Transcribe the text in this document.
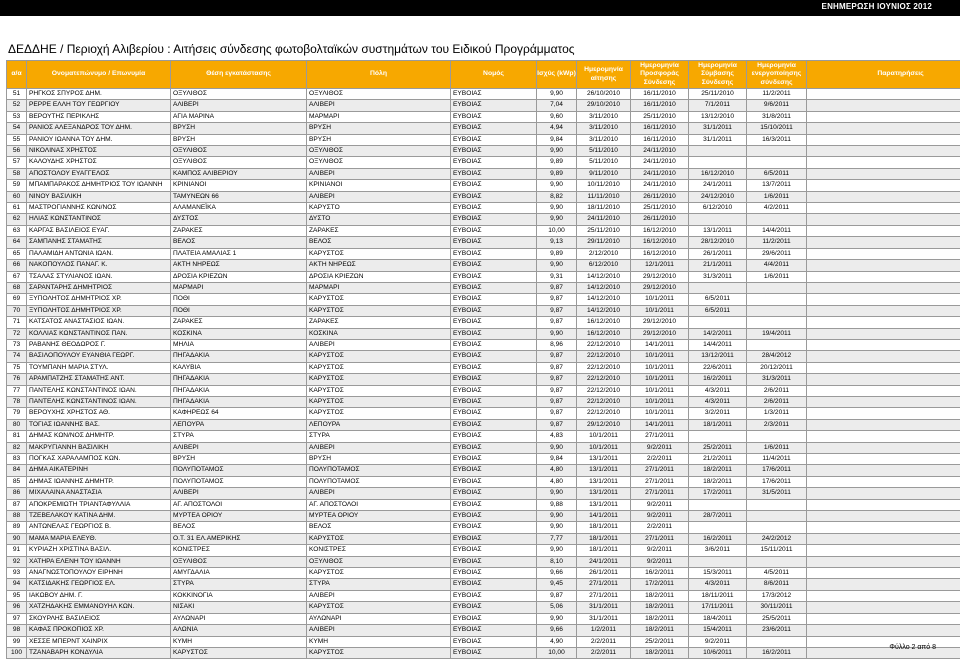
ΕΝΗΜΕΡΩΣΗ ΙΟΥΝΙΟΣ 2012
ΔΕΔΔΗΕ / Περιοχή Αλιβερίου : Αιτήσεις σύνδεσης φωτοβολταϊκών συστημάτων του Ειδικού Προγράμματος
α/α	Ονοματεπώνυμο / Επωνυμία	Θέση εγκατάστασης	Πόλη	Νομός	Ισχύς (kWp)	Ημερομηνία αίτησης	Ημερομηνία Προσφοράς Σύνδεσης	Ημερομηνία Σύμβασης Σύνδεσης	Ημερομηνία ενεργοποίησης σύνδεσης	Παρατηρήσεις
51	ΡΗΓΚΟΣ ΣΠΥΡΟΣ ΔΗΜ.	ΟΞΥΛΙΘΟΣ	ΟΞΥΛΙΘΟΣ	ΕΥΒΟΙΑΣ	9,90	26/10/2010	16/11/2010	25/11/2010	11/2/2011	
52	ΡΕΡΡΕ ΕΛΛΗ ΤΟΥ ΓΕΩΡΓΙΟΥ	ΑΛΙΒΕΡΙ	ΑΛΙΒΕΡΙ	ΕΥΒΟΙΑΣ	7,04	29/10/2010	16/11/2010	7/1/2011	9/6/2011	
53	ΒΕΡΟΥΤΗΣ ΠΕΡΙΚΛΗΣ	ΑΓΙΑ ΜΑΡΙΝΑ	ΜΑΡΜΑΡΙ	ΕΥΒΟΙΑΣ	9,60	3/11/2010	25/11/2010	13/12/2010	31/8/2011	
54	ΡΑΝΙΟΣ ΑΛΕΞΑΝΔΡΟΣ ΤΟΥ ΔΗΜ.	ΒΡΥΣΗ	ΒΡΥΣΗ	ΕΥΒΟΙΑΣ	4,94	3/11/2010	16/11/2010	31/1/2011	15/10/2011	
55	ΡΑΝΙΟΥ ΙΩΑΝΝΑ ΤΟΥ ΔΗΜ.	ΒΡΥΣΗ	ΒΡΥΣΗ	ΕΥΒΟΙΑΣ	9,84	3/11/2010	16/11/2010	31/1/2011	16/3/2011	
56	ΝΙΚΟΛΙΝΑΣ ΧΡΗΣΤΟΣ	ΟΞΥΛΙΘΟΣ	ΟΞΥΛΙΘΟΣ	ΕΥΒΟΙΑΣ	9,90	5/11/2010	24/11/2010			
57	ΚΑΛΟΥΔΗΣ ΧΡΗΣΤΟΣ	ΟΞΥΛΙΘΟΣ	ΟΞΥΛΙΘΟΣ	ΕΥΒΟΙΑΣ	9,89	5/11/2010	24/11/2010			
58	ΑΠΟΣΤΟΛΟΥ ΕΥΑΓΓΕΛΟΣ	ΚΑΜΠΟΣ ΑΛΙΒΕΡΙΟΥ	ΑΛΙΒΕΡΙ	ΕΥΒΟΙΑΣ	9,89	9/11/2010	24/11/2010	16/12/2010	6/5/2011	
59	ΜΠΑΜΠΑΡΑΚΟΣ ΔΗΜΗΤΡΙΟΣ ΤΟΥ ΙΩΑΝΝΗ	ΚΡΙΝΙΑΝΟΙ	ΚΡΙΝΙΑΝΟΙ	ΕΥΒΟΙΑΣ	9,90	10/11/2010	24/11/2010	24/1/2011	13/7/2011	
60	ΝΙΝΟΥ ΒΑΣΙΛΙΚΗ	ΤΑΜΥΝΕΩΝ 66	ΑΛΙΒΕΡΙ	ΕΥΒΟΙΑΣ	8,82	11/11/2010	26/11/2010	24/12/2010	1/6/2011	
61	ΜΑΣΤΡΟΓΙΑΝΝΗΣ ΚΩΝ/ΝΟΣ	ΑΛΑΜΑΝΕΪΚΑ	ΚΑΡΥΣΤΟ	ΕΥΒΟΙΑΣ	9,90	18/11/2010	25/11/2010	6/12/2010	4/2/2011	
62	ΗΛΙΑΣ ΚΩΝΣΤΑΝΤΙΝΟΣ	ΔΥΣΤΟΣ	ΔΥΣΤΟ	ΕΥΒΟΙΑΣ	9,90	24/11/2010	26/11/2010			
63	ΚΑΡΓΑΣ ΒΑΣΙΛΕΙΟΣ ΕΥΑΓ.	ΖΑΡΑΚΕΣ	ΖΑΡΑΚΕΣ	ΕΥΒΟΙΑΣ	10,00	25/11/2010	16/12/2010	13/1/2011	14/4/2011	
64	ΣΑΜΠΑΝΗΣ ΣΤΑΜΑΤΗΣ	ΒΕΛΟΣ	ΒΕΛΟΣ	ΕΥΒΟΙΑΣ	9,13	29/11/2010	16/12/2010	28/12/2010	11/2/2011	
65	ΠΑΛΑΜΙΔΗ ΑΝΤΩΝΙΑ ΙΩΑΝ.	ΠΛΑΤΕΙΑ ΑΜΑΛΙΑΣ 1	ΚΑΡΥΣΤΟΣ	ΕΥΒΟΙΑΣ	9,89	2/12/2010	16/12/2010	26/1/2011	29/6/2011	
66	ΝΑΚΟΠΟΥΛΟΣ ΠΑΝΑΓ. Κ.	ΑΚΤΗ ΝΗΡΕΩΣ	ΑΚΤΗ ΝΗΡΕΩΣ	ΕΥΒΟΙΑΣ	9,90	6/12/2010	12/1/2011	21/1/2011	4/4/2011	
67	ΤΣΑΛΑΣ ΣΤΥΛΙΑΝΟΣ ΙΩΑΝ.	ΔΡΟΣΙΑ ΚΡΙΕΖΩΝ	ΔΡΟΣΙΑ ΚΡΙΕΖΩΝ	ΕΥΒΟΙΑΣ	9,31	14/12/2010	29/12/2010	31/3/2011	1/6/2011	
68	ΣΑΡΑΝΤΑΡΗΣ ΔΗΜΗΤΡΙΟΣ	ΜΑΡΜΑΡΙ	ΜΑΡΜΑΡΙ	ΕΥΒΟΙΑΣ	9,87	14/12/2010	29/12/2010			
69	ΞΥΠΟΛΗΤΟΣ ΔΗΜΗΤΡΙΟΣ ΧΡ.	ΠΟΘΙ	ΚΑΡΥΣΤΟΣ	ΕΥΒΟΙΑΣ	9,87	14/12/2010	10/1/2011	6/5/2011		
70	ΞΥΠΟΛΗΤΟΣ ΔΗΜΗΤΡΙΟΣ ΧΡ.	ΠΟΘΙ	ΚΑΡΥΣΤΟΣ	ΕΥΒΟΙΑΣ	9,87	14/12/2010	10/1/2011	6/5/2011		
71	ΚΑΤΣΑΤΟΣ ΑΝΑΣΤΑΣΙΟΣ ΙΩΑΝ.	ΖΑΡΑΚΕΣ	ΖΑΡΑΚΕΣ	ΕΥΒΟΙΑΣ	9,87	16/12/2010	29/12/2010			
72	ΚΟΛΛΙΑΣ ΚΩΝΣΤΑΝΤΙΝΟΣ ΠΑΝ.	ΚΟΣΚΙΝΑ	ΚΟΣΚΙΝΑ	ΕΥΒΟΙΑΣ	9,90	16/12/2010	29/12/2010	14/2/2011	19/4/2011	
73	ΡΑΒΑΝΗΣ ΘΕΟΔΩΡΟΣ Γ.	ΜΗΛΙΑ	ΑΛΙΒΕΡΙ	ΕΥΒΟΙΑΣ	8,96	22/12/2010	14/1/2011	14/4/2011		
74	ΒΑΣΙΛΟΠΟΥΛΟΥ ΕΥΑΝΘΙΑ ΓΕΩΡΓ.	ΠΗΓΑΔΑΚΙΑ	ΚΑΡΥΣΤΟΣ	ΕΥΒΟΙΑΣ	9,87	22/12/2010	10/1/2011	13/12/2011	28/4/2012	
75	ΤΟΥΜΠΑΝΗ ΜΑΡΙΑ ΣΤΥΛ.	ΚΑΛΥΒΙΑ	ΚΑΡΥΣΤΟΣ	ΕΥΒΟΙΑΣ	9,87	22/12/2010	10/1/2011	22/6/2011	20/12/2011	
76	ΑΡΑΜΠΑΤΖΗΣ ΣΤΑΜΑΤΗΣ ΑΝΤ.	ΠΗΓΑΔΑΚΙΑ	ΚΑΡΥΣΤΟΣ	ΕΥΒΟΙΑΣ	9,87	22/12/2010	10/1/2011	16/2/2011	31/3/2011	
77	ΠΑΝΤΕΛΗΣ ΚΩΝΣΤΑΝΤΙΝΟΣ ΙΩΑΝ.	ΠΗΓΑΔΑΚΙΑ	ΚΑΡΥΣΤΟΣ	ΕΥΒΟΙΑΣ	9,87	22/12/2010	10/1/2011	4/3/2011	2/6/2011	
78	ΠΑΝΤΕΛΗΣ ΚΩΝΣΤΑΝΤΙΝΟΣ ΙΩΑΝ.	ΠΗΓΑΔΑΚΙΑ	ΚΑΡΥΣΤΟΣ	ΕΥΒΟΙΑΣ	9,87	22/12/2010	10/1/2011	4/3/2011	2/6/2011	
79	ΒΕΡΟΥΧΗΣ ΧΡΗΣΤΟΣ ΑΘ.	ΚΑΦΗΡΕΩΣ 64	ΚΑΡΥΣΤΟΣ	ΕΥΒΟΙΑΣ	9,87	22/12/2010	10/1/2011	3/2/2011	1/3/2011	
80	ΤΟΓΙΑΣ ΙΩΑΝΝΗΣ ΒΑΣ.	ΛΕΠΟΥΡΑ	ΛΕΠΟΥΡΑ	ΕΥΒΟΙΑΣ	9,87	29/12/2010	14/1/2011	18/1/2011	2/3/2011	
81	ΔΗΜΑΣ ΚΩΝ/ΝΟΣ ΔΗΜΗΤΡ.	ΣΤΥΡΑ	ΣΤΥΡΑ	ΕΥΒΟΙΑΣ	4,83	10/1/2011	27/1/2011			
82	ΜΑΚΡΥΓΙΑΝΝΗ ΒΑΣΙΛΙΚΗ	ΑΛΙΒΕΡΙ	ΑΛΙΒΕΡΙ	ΕΥΒΟΙΑΣ	9,90	10/1/2011	9/2/2011	25/2/2011	1/6/2011	
83	ΠΟΓΚΑΣ ΧΑΡΑΛΑΜΠΟΣ ΚΩΝ.	ΒΡΥΣΗ	ΒΡΥΣΗ	ΕΥΒΟΙΑΣ	9,84	13/1/2011	2/2/2011	21/2/2011	11/4/2011	
84	ΔΗΜΑ ΑΙΚΑΤΕΡΙΝΗ	ΠΟΛΥΠΟΤΑΜΟΣ	ΠΟΛΥΠΟΤΑΜΟΣ	ΕΥΒΟΙΑΣ	4,80	13/1/2011	27/1/2011	18/2/2011	17/6/2011	
85	ΔΗΜΑΣ ΙΩΑΝΝΗΣ ΔΗΜΗΤΡ.	ΠΟΛΥΠΟΤΑΜΟΣ	ΠΟΛΥΠΟΤΑΜΟΣ	ΕΥΒΟΙΑΣ	4,80	13/1/2011	27/1/2011	18/2/2011	17/6/2011	
86	ΜΙΧΑΛΑΙΝΑ ΑΝΑΣΤΑΣΙΑ	ΑΛΙΒΕΡΙ	ΑΛΙΒΕΡΙ	ΕΥΒΟΙΑΣ	9,90	13/1/2011	27/1/2011	17/2/2011	31/5/2011	
87	ΑΠΟΚΡΕΜΙΩΤΗ ΤΡΙΑΝΤΑΦΥΛΛΙΑ	ΑΓ. ΑΠΟΣΤΟΛΟΙ	ΑΓ. ΑΠΟΣΤΟΛΟΙ	ΕΥΒΟΙΑΣ	9,88	13/1/2011	9/2/2011			
88	ΤΖΕΒΕΛΑΚΟΥ ΚΑΤΙΝΑ ΔΗΜ.	ΜΥΡΤΕΑ ΟΡΙΟΥ	ΜΥΡΤΕΑ ΟΡΙΟΥ	ΕΥΒΟΙΑΣ	9,90	14/1/2011	9/2/2011	28/7/2011		
89	ΑΝΤΩΝΕΛΑΣ ΓΕΩΡΓΙΟΣ Β.	ΒΕΛΟΣ	ΒΕΛΟΣ	ΕΥΒΟΙΑΣ	9,90	18/1/2011	2/2/2011			
90	ΜΑΜΑ ΜΑΡΙΑ ΕΛΕΥΘ.	Ο.Τ. 31 ΕΛ.ΑΜΕΡΙΚΗΣ	ΚΑΡΥΣΤΟΣ	ΕΥΒΟΙΑΣ	7,77	18/1/2011	27/1/2011	16/2/2011	24/2/2012	
91	ΚΥΡΙΑΖΗ ΧΡΙΣΤΙΝΑ ΒΑΣΙΛ.	ΚΟΝΙΣΤΡΕΣ	ΚΟΝΙΣΤΡΕΣ	ΕΥΒΟΙΑΣ	9,90	18/1/2011	9/2/2011	3/6/2011	15/11/2011	
92	ΧΑΤΗΡΑ ΕΛΕΝΗ ΤΟΥ ΙΩΑΝΝΗ	ΟΞΥΛΙΘΟΣ	ΟΞΥΛΙΘΟΣ	ΕΥΒΟΙΑΣ	8,10	24/1/2011	9/2/2011			
93	ΑΝΑΓΝΩΣΤΟΠΟΥΛΟΥ ΕΙΡΗΝΗ	ΑΜΥΓΔΑΛΙΑ	ΚΑΡΥΣΤΟΣ	ΕΥΒΟΙΑΣ	9,66	26/1/2011	16/2/2011	15/3/2011	4/5/2011	
94	ΚΑΤΣΙΔΑΚΗΣ ΓΕΩΡΓΙΟΣ ΕΛ.	ΣΤΥΡΑ	ΣΤΥΡΑ	ΕΥΒΟΙΑΣ	9,45	27/1/2011	17/2/2011	4/3/2011	8/6/2011	
95	ΙΑΚΩΒΟΥ ΔΗΜ. Γ.	ΚΟΚΚΙΝΟΓΙΑ	ΑΛΙΒΕΡΙ	ΕΥΒΟΙΑΣ	9,87	27/1/2011	18/2/2011	18/11/2011	17/3/2012	
96	ΧΑΤΖΗΔΑΚΗΣ ΕΜΜΑΝΟΥΗΛ ΚΩΝ.	ΝΙΣΑΚΙ	ΚΑΡΥΣΤΟΣ	ΕΥΒΟΙΑΣ	5,06	31/1/2011	18/2/2011	17/11/2011	30/11/2011	
97	ΣΚΟΥΡΛΗΣ ΒΑΣΙΛΕΙΟΣ	ΑΥΛΩΝΑΡΙ	ΑΥΛΩΝΑΡΙ	ΕΥΒΟΙΑΣ	9,90	31/1/2011	18/2/2011	18/4/2011	25/5/2011	
98	ΚΑΦΑΣ ΠΡΟΚΟΠΙΟΣ ΧΡ.	ΑΛΩΝΙΑ	ΑΛΙΒΕΡΙ	ΕΥΒΟΙΑΣ	9,66	1/2/2011	18/2/2011	15/4/2011	23/6/2011	
99	ΧΕΣΣΕ ΜΠΕΡΝΤ ΧΑΙΝΡΙΧ	ΚΥΜΗ	ΚΥΜΗ	ΕΥΒΟΙΑΣ	4,90	2/2/2011	25/2/2011	9/2/2011		
100	ΤΖΑΝΑΒΑΡΗ ΚΟΝΔΥΛΙΑ	ΚΑΡΥΣΤΟΣ	ΚΑΡΥΣΤΟΣ	ΕΥΒΟΙΑΣ	10,00	2/2/2011	18/2/2011	10/6/2011	16/2/2011	
Φύλλο 2 από 8
